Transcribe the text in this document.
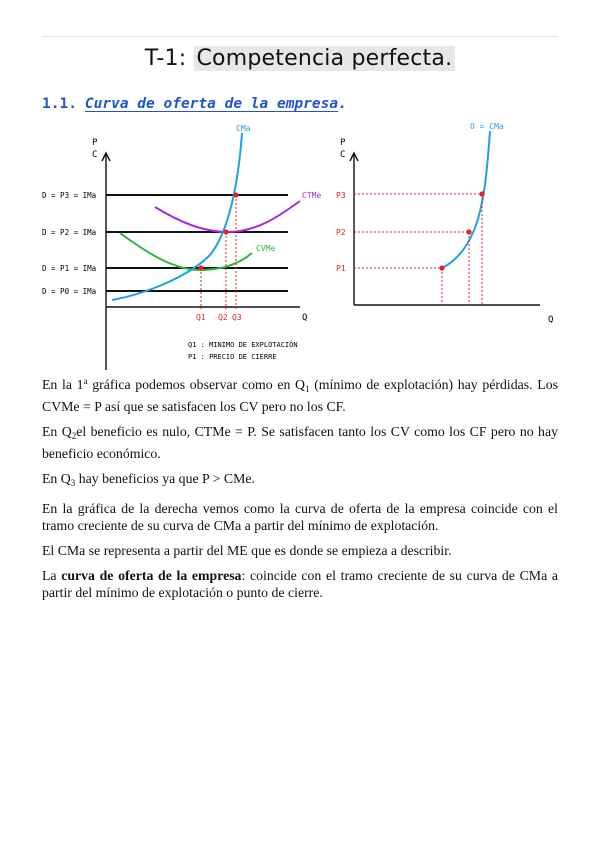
T-1: Competencia perfecta.
1.1. Curva de oferta de la empresa.
P
C
Q
D = P3 = IMa
D = P2 = IMa
D = P1 = IMa
D = P0 = IMa
CMa
CTMe
CVMe
Q1 Q2 Q3
Q1 : MINIMO DE EXPLOTACIÓN
P1 : PRECIO DE CIERRE
P
C
Q
O = CMa
P3
P2
P1

En la 1$^a$ gráfica podemos observar como en $Q_1$ (mínimo de explotación) hay pérdidas. Los CVMe = P así que se satisfacen los CV pero no los CF.

En $Q_2el$ beneficio es nulo, CTMe = P. Se satisfacen tanto los CV como los CF pero no hay beneficio económico.

En $Q_3$ hay beneficios ya que P > CMe.

En la gráfica de la derecha vemos como la curva de oferta de la empresa coincide con el tramo creciente de su curva de CMa a partir del mínimo de explotación.

El CMa se representa a partir del ME que es donde se empieza a describir.

La curva de oferta de la empresa: coincide con el tramo creciente de su curva de CMa a partir del mínimo de explotación o punto de cierre.
